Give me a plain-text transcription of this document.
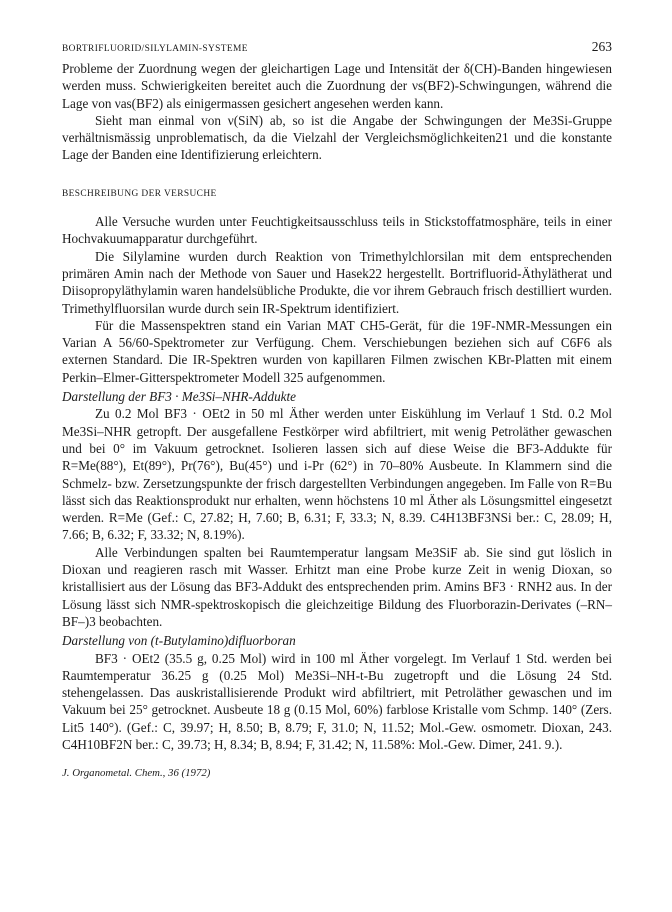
BORTRIFLUORID/SILYLAMIN-SYSTEME	263

Probleme der Zuordnung wegen der gleichartigen Lage und Intensität der δ(CH)-Banden hingewiesen werden muss. Schwierigkeiten bereitet auch die Zuordnung der νs(BF2)-Schwingungen, während die Lage von νas(BF2) als einigermassen gesichert angesehen werden kann.

Sieht man einmal von ν(SiN) ab, so ist die Angabe der Schwingungen der Me3Si-Gruppe verhältnismässig unproblematisch, da die Vielzahl der Vergleichsmöglichkeiten21 und die konstante Lage der Banden eine Identifizierung erleichtern.

BESCHREIBUNG DER VERSUCHE

Alle Versuche wurden unter Feuchtigkeitsausschluss teils in Stickstoffatmosphäre, teils in einer Hochvakuumapparatur durchgeführt.

Die Silylamine wurden durch Reaktion von Trimethylchlorsilan mit dem entsprechenden primären Amin nach der Methode von Sauer und Hasek22 hergestellt. Bortrifluorid-Äthylätherat und Diisopropyläthylamin waren handelsübliche Produkte, die vor ihrem Gebrauch frisch destilliert wurden. Trimethylfluorsilan wurde durch sein IR-Spektrum identifiziert.

Für die Massenspektren stand ein Varian MAT CH5-Gerät, für die 19F-NMR-Messungen ein Varian A 56/60-Spektrometer zur Verfügung. Chem. Verschiebungen beziehen sich auf C6F6 als externen Standard. Die IR-Spektren wurden von kapillaren Filmen zwischen KBr-Platten mit einem Perkin–Elmer-Gitterspektrometer Modell 325 aufgenommen.

Darstellung der BF3 · Me3Si–NHR-Addukte

Zu 0.2 Mol BF3 · OEt2 in 50 ml Äther werden unter Eiskühlung im Verlauf 1 Std. 0.2 Mol Me3Si–NHR getropft. Der ausgefallene Festkörper wird abfiltriert, mit wenig Petroläther gewaschen und bei 0° im Vakuum getrocknet. Isolieren lassen sich auf diese Weise die BF3-Addukte für R=Me(88°), Et(89°), Pr(76°), Bu(45°) und i-Pr (62°) in 70–80% Ausbeute. In Klammern sind die Schmelz- bzw. Zersetzungspunkte der frisch dargestellten Verbindungen angegeben. Im Falle von R=Bu lässt sich das Reaktionsprodukt nur erhalten, wenn höchstens 10 ml Äther als Lösungsmittel eingesetzt werden. R=Me (Gef.: C, 27.82; H, 7.60; B, 6.31; F, 33.3; N, 8.39. C4H13BF3NSi ber.: C, 28.09; H, 7.66; B, 6.32; F, 33.32; N, 8.19%).

Alle Verbindungen spalten bei Raumtemperatur langsam Me3SiF ab. Sie sind gut löslich in Dioxan und reagieren rasch mit Wasser. Erhitzt man eine Probe kurze Zeit in wenig Dioxan, so kristallisiert aus der Lösung das BF3-Addukt des entsprechenden prim. Amins BF3 · RNH2 aus. In der Lösung lässt sich NMR-spektroskopisch die gleichzeitige Bildung des Fluorborazin-Derivates (–RN–BF–)3 beobachten.

Darstellung von (t-Butylamino)difluorboran

BF3 · OEt2 (35.5 g, 0.25 Mol) wird in 100 ml Äther vorgelegt. Im Verlauf 1 Std. werden bei Raumtemperatur 36.25 g (0.25 Mol) Me3Si–NH-t-Bu zugetropft und die Lösung 24 Std. stehengelassen. Das auskristallisierende Produkt wird abfiltriert, mit Petroläther gewaschen und im Vakuum bei 25° getrocknet. Ausbeute 18 g (0.15 Mol, 60%) farblose Kristalle vom Schmp. 140° (Zers. Lit5 140°). (Gef.: C, 39.97; H, 8.50; B, 8.79; F, 31.0; N, 11.52; Mol.-Gew. osmometr. Dioxan, 243. C4H10BF2N ber.: C, 39.73; H, 8.34; B, 8.94; F, 31.42; N, 11.58%: Mol.-Gew. Dimer, 241. 9.).

J. Organometal. Chem., 36 (1972)
